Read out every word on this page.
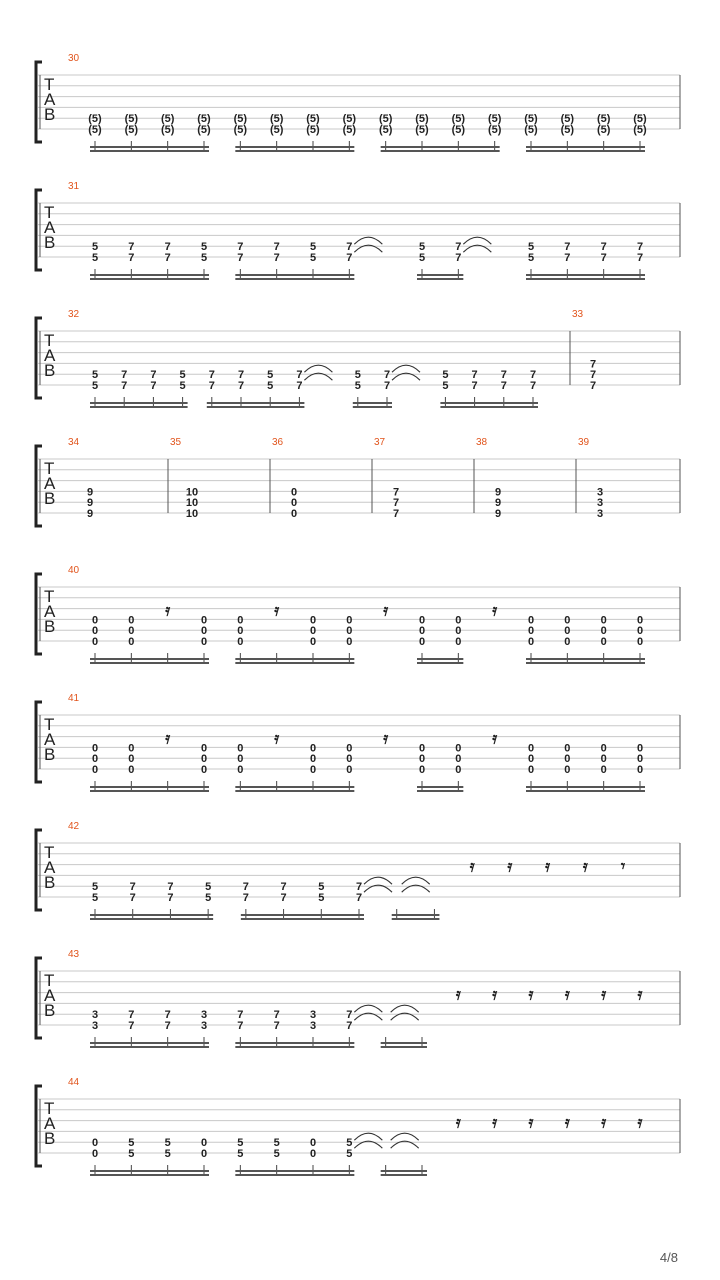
T
A
B
30
(5)
(5)
(5)
(5)
(5)
(5)
(5)
(5)
(5)
(5)
(5)
(5)
(5)
(5)
(5)
(5)
(5)
(5)
(5)
(5)
(5)
(5)
(5)
(5)
(5)
(5)
(5)
(5)
(5)
(5)
(5)
(5)
T
A
B
31
5
5
7
7
7
7
5
5
7
7
7
7
5
5
7
7
5
5
7
7
5
5
7
7
7
7
7
7
T
A
B
32
5
5
7
7
7
7
5
5
7
7
7
7
5
5
7
7
5
5
7
7
5
5
7
7
7
7
7
7
33
7
7
7
T
A
B
34
9
9
9
35
10
10
10
36
0
0
0
37
7
7
7
38
9
9
9
39
3
3
3
T
A
B
40
0
0
0
0
0
0
𝄿
0
0
0
0
0
0
𝄿
0
0
0
0
0
0
𝄿
0
0
0
0
0
0
𝄿
0
0
0
0
0
0
0
0
0
0
0
0
T
A
B
41
0
0
0
0
0
0
𝄿
0
0
0
0
0
0
𝄿
0
0
0
0
0
0
𝄿
0
0
0
0
0
0
𝄿
0
0
0
0
0
0
0
0
0
0
0
0
T
A
B
42
5
5
7
7
7
7
5
5
7
7
7
7
5
5
7
7
𝄿 𝄿 𝄿 𝄿 𝄾
T
A
B
43
3
3
7
7
7
7
3
3
7
7
7
7
3
3
7
7
𝄿 𝄿 𝄿 𝄿 𝄿 𝄿
T
A
B
44
0
0
5
5
5
5
0
0
5
5
5
5
0
0
5
5
𝄿 𝄿 𝄿 𝄿 𝄿 𝄿
4/8
